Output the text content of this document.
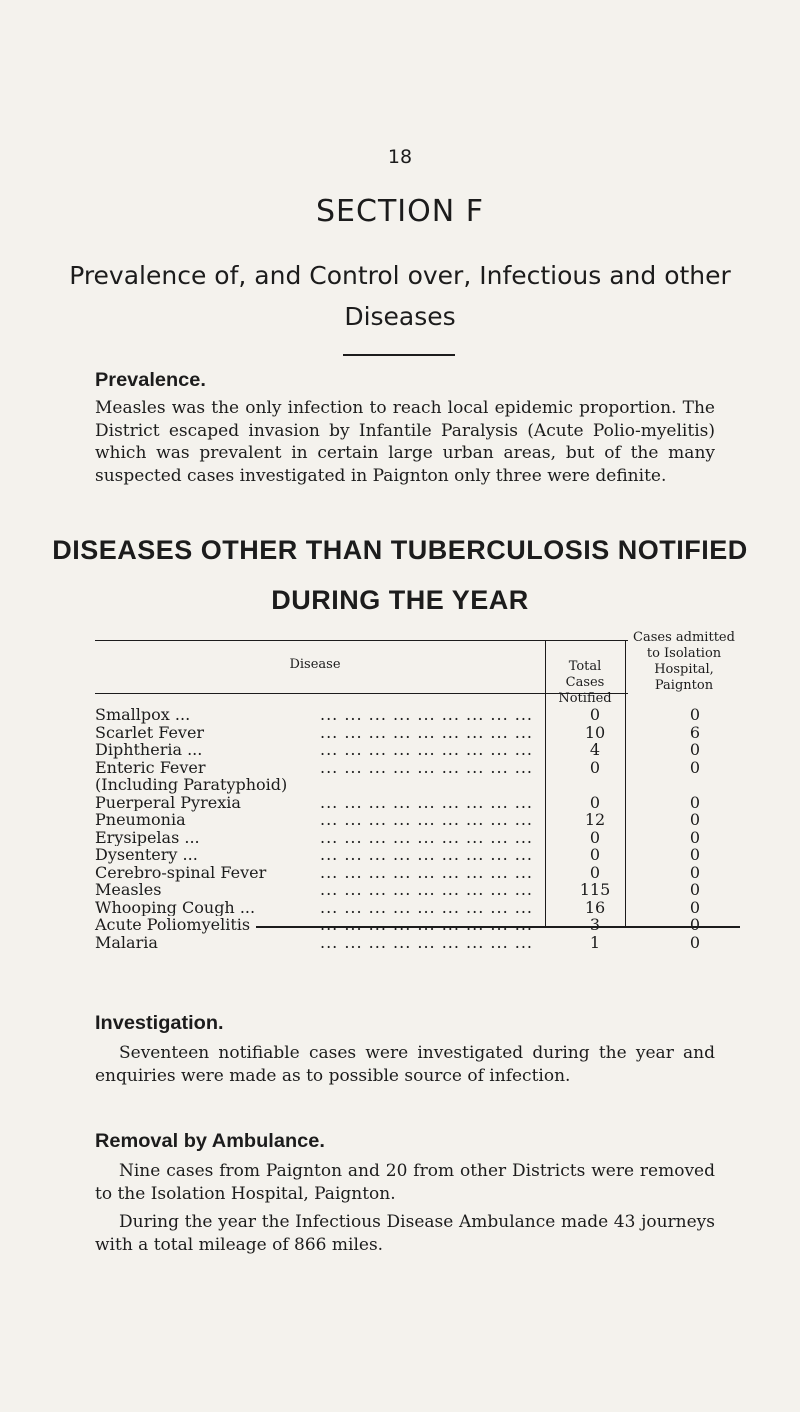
18
SECTION F
Prevalence of, and Control over, Infectious and other Diseases
Prevalence.
Measles was the only infection to reach local epidemic proportion. The District escaped invasion by Infantile Paralysis (Acute Polio-myelitis) which was prevalent in certain large urban areas, but of the many suspected cases investigated in Paignton only three were definite.
DISEASES OTHER THAN TUBERCULOSIS NOTIFIED
DURING THE YEAR
Disease	Total Cases Notified
Cases admitted to Isolation Hospital, Paignton
... ... ... ... ... ... ... ... ...
Smallpox ...	0	0
... ... ... ... ... ... ... ... ...
Scarlet Fever	10	6
... ... ... ... ... ... ... ... ...
Diphtheria ...	4	0
... ... ... ... ... ... ... ... ...
Enteric Fever
(Including Paratyphoid)
0	0
... ... ... ... ... ... ... ... ...
Puerperal Pyrexia	0	0
... ... ... ... ... ... ... ... ...
Pneumonia	12	0
... ... ... ... ... ... ... ... ...
Erysipelas ...	0	0
... ... ... ... ... ... ... ... ...
Dysentery ...	0	0
... ... ... ... ... ... ... ... ...
Cerebro-spinal Fever	0	0
... ... ... ... ... ... ... ... ...
Measles	115	0
... ... ... ... ... ... ... ... ...
Whooping Cough ...	16	0
... ... ... ... ... ... ... ... ...
Acute Poliomyelitis	3	0
... ... ... ... ... ... ... ... ...
Malaria	1	0
Investigation.
Seventeen notifiable cases were investigated during the year and enquiries were made as to possible source of infection.
Removal by Ambulance.
Nine cases from Paignton and 20 from other Districts were removed to the Isolation Hospital, Paignton.
During the year the Infectious Disease Ambulance made 43 journeys with a total mileage of 866 miles.
